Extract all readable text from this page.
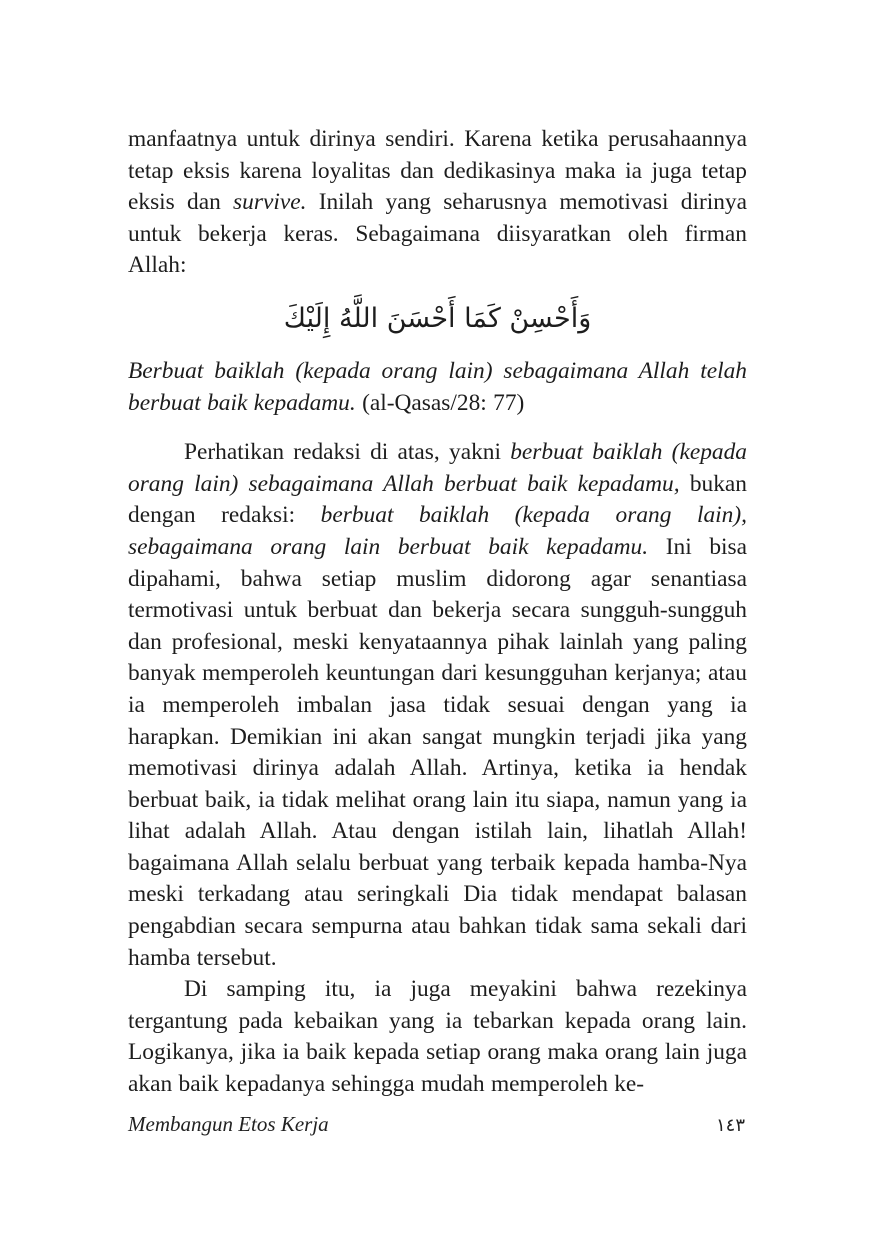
manfaatnya untuk dirinya sendiri. Karena ketika perusahaannya tetap eksis karena loyalitas dan dedikasinya maka ia juga tetap eksis dan survive. Inilah yang seharusnya memotivasi dirinya untuk bekerja keras. Sebagaimana diisyaratkan oleh firman Allah:

وَأَحْسِنْ كَمَا أَحْسَنَ اللَّهُ إِلَيْكَ

Berbuat baiklah (kepada orang lain) sebagaimana Allah telah berbuat baik kepadamu. (al-Qasas/28: 77)

Perhatikan redaksi di atas, yakni berbuat baiklah (kepada orang lain) sebagaimana Allah berbuat baik kepadamu, bukan dengan redaksi: berbuat baiklah (kepada orang lain), sebagaimana orang lain berbuat baik kepadamu. Ini bisa dipahami, bahwa setiap muslim didorong agar senantiasa termotivasi untuk berbuat dan bekerja secara sungguh-sungguh dan profesional, meski kenyataannya pihak lainlah yang paling banyak memperoleh keuntungan dari kesungguhan kerjanya; atau ia memperoleh imbalan jasa tidak sesuai dengan yang ia harapkan. Demikian ini akan sangat mungkin terjadi jika yang memotivasi dirinya adalah Allah. Artinya, ketika ia hendak berbuat baik, ia tidak melihat orang lain itu siapa, namun yang ia lihat adalah Allah. Atau dengan istilah lain, lihatlah Allah! bagaimana Allah selalu berbuat yang terbaik kepada hamba-Nya meski terkadang atau seringkali Dia tidak mendapat balasan pengabdian secara sempurna atau bahkan tidak sama sekali dari hamba tersebut.

Di samping itu, ia juga meyakini bahwa rezekinya tergantung pada kebaikan yang ia tebarkan kepada orang lain. Logikanya, jika ia baik kepada setiap orang maka orang lain juga akan baik kepadanya sehingga mudah memperoleh ke-

Membangun Etos Kerja	١٤٣
